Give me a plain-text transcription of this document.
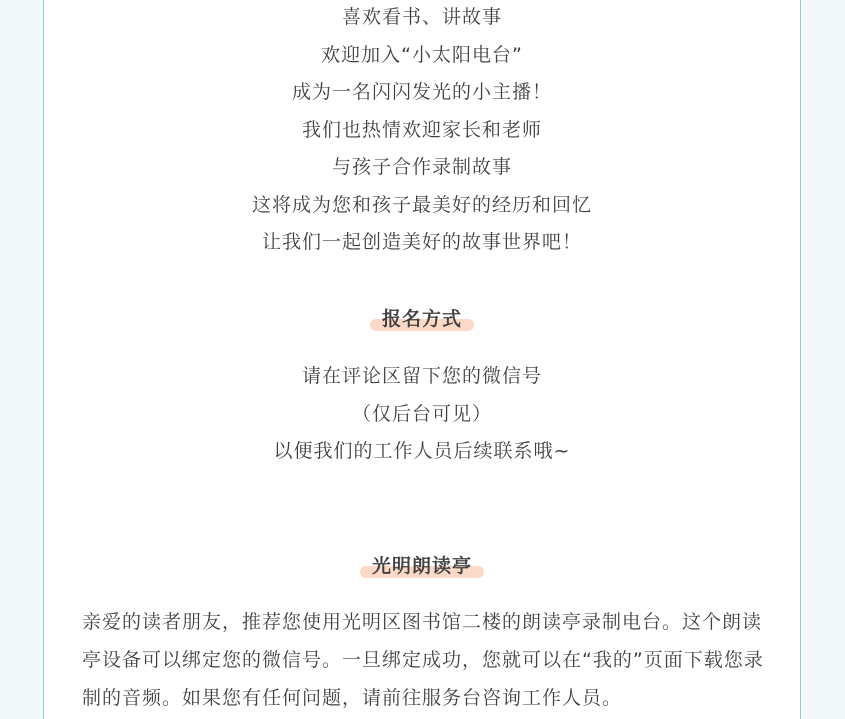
喜欢看书、讲故事
欢迎加入“小太阳电台”
成为一名闪闪发光的小主播！
我们也热情欢迎家长和老师
与孩子合作录制故事
这将成为您和孩子最美好的经历和回忆
让我们一起创造美好的故事世界吧！
报名方式
请在评论区留下您的微信号
（仅后台可见）
以便我们的工作人员后续联系哦~
光明朗读亭
亲爱的读者朋友，推荐您使用光明区图书馆二楼的朗读亭录制电台。这个朗读亭设备可以绑定您的微信号。一旦绑定成功，您就可以在“我的”页面下载您录制的音频。如果您有任何问题，请前往服务台咨询工作人员。
